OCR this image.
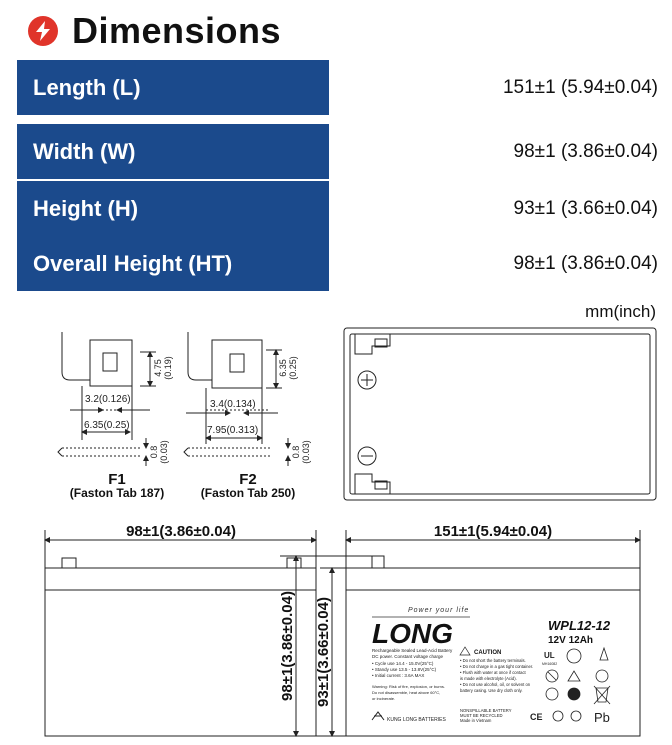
Dimensions
Length (L)	151±1 (5.94±0.04)
Width (W)	98±1 (3.86±0.04)
Height (H)	93±1 (3.66±0.04)
Overall Height (HT)	98±1 (3.86±0.04)
mm(inch)
4.75 (0.19)
3.2(0.126)
6.35(0.25)
0.8 (0.03)
F1
(Faston Tab 187)
6.35 (0.25)
3.4(0.134)
7.95(0.313)
0.8 (0.03)
F2
(Faston Tab 250)
98±1(3.86±0.04)	151±1(5.94±0.04)
98±1(3.86±0.04) 93±1(3.66±0.04) LONG
Power your life
WPL12-12
12V 12Ah
Rechargeable Sealed Lead-Acid Battery
DC power. Constant voltage charge
• Cycle use 14.4 - 15.0V(25°C)
• Standy use 13.5 - 13.8V(25°C)
• Initial current : 3.6A MAX
Warning: Risk of fire, explosion, or burns.
Do not disassemble, heat above 60°C,
or incinerate.
CAUTION
• Do not short the battery terminals.
• Do not charge in a gas tight container.
• Flush with water at once if contact
is made with electrolyte (Acid).
• Do not use alcohol, oil, or solvent on
battery casing. Use dry cloth only.
NONSPILLABLE BATTERY
MUST BE RECYCLED
Made in Vietnam
KUNG LONG BATTERIES
UL
MH16082
CE	Pb
